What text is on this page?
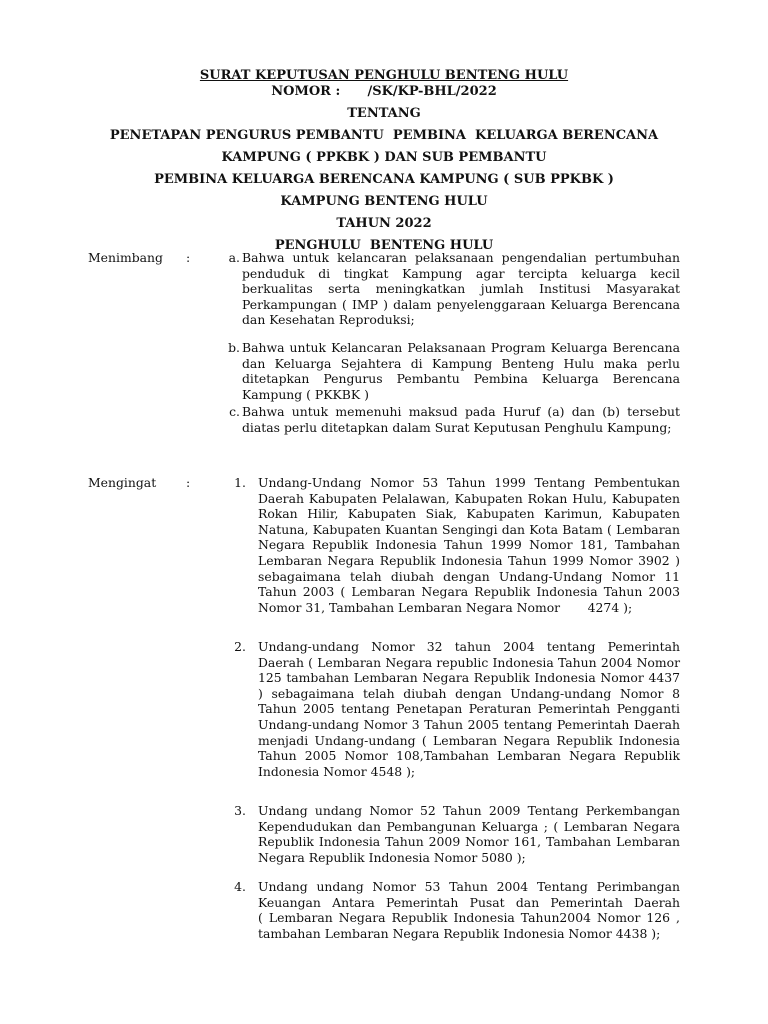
SURAT KEPUTUSAN PENGHULU BENTENG HULU
NOMOR :      /SK/KP-BHL/2022
TENTANG
PENETAPAN PENGURUS PEMBANTU  PEMBINA  KELUARGA BERENCANA
KAMPUNG ( PPKBK ) DAN SUB PEMBANTU
PEMBINA KELUARGA BERENCANA KAMPUNG ( SUB PPKBK )
KAMPUNG BENTENG HULU
TAHUN 2022
PENGHULU  BENTENG HULU
Menimbang :	a. Bahwa untuk kelancaran pelaksanaan pengendalian pertumbuhan penduduk di tingkat Kampung agar tercipta keluarga kecil berkualitas serta meningkatkan jumlah Institusi Masyarakat Perkampungan ( IMP ) dalam penyelenggaraan Keluarga Berencana dan Kesehatan Reproduksi;
b. Bahwa untuk Kelancaran Pelaksanaan Program Keluarga Berencana dan Keluarga Sejahtera di Kampung Benteng Hulu maka perlu ditetapkan Pengurus Pembantu Pembina Keluarga Berencana Kampung ( PKKBK )
c. Bahwa untuk memenuhi maksud pada Huruf (a) dan (b) tersebut diatas perlu ditetapkan dalam Surat Keputusan Penghulu Kampung;
Mengingat :	1. Undang-Undang Nomor 53 Tahun 1999 Tentang Pembentukan Daerah Kabupaten Pelalawan, Kabupaten Rokan Hulu, Kabupaten Rokan Hilir, Kabupaten Siak, Kabupaten Karimun, Kabupaten Natuna, Kabupaten Kuantan Sengingi dan Kota Batam ( Lembaran Negara Republik Indonesia Tahun 1999 Nomor 181, Tambahan Lembaran Negara Republik Indonesia Tahun 1999 Nomor 3902 ) sebagaimana telah diubah dengan Undang-Undang Nomor 11 Tahun 2003 ( Lembaran Negara Republik Indonesia Tahun 2003 Nomor 31, Tambahan Lembaran Negara Nomor       4274 );
2. Undang-undang Nomor 32 tahun 2004 tentang Pemerintah Daerah ( Lembaran Negara republic Indonesia Tahun 2004 Nomor 125 tambahan Lembaran Negara Republik Indonesia Nomor 4437 ) sebagaimana telah diubah dengan Undang-undang Nomor 8 Tahun 2005 tentang Penetapan Peraturan Pemerintah Pengganti Undang-undang Nomor 3 Tahun 2005 tentang Pemerintah Daerah menjadi Undang-undang ( Lembaran Negara Republik Indonesia Tahun 2005 Nomor 108,Tambahan Lembaran Negara Republik Indonesia Nomor 4548 );
3. Undang undang Nomor 52 Tahun 2009 Tentang Perkembangan Kependudukan dan Pembangunan Keluarga ; ( Lembaran Negara Republik Indonesia Tahun 2009 Nomor 161, Tambahan Lembaran Negara Republik Indonesia Nomor 5080 );
4. Undang undang Nomor 53 Tahun 2004 Tentang Perimbangan Keuangan Antara Pemerintah Pusat dan Pemerintah Daerah            ( Lembaran Negara Republik Indonesia Tahun2004 Nomor 126 , tambahan Lembaran Negara Republik Indonesia Nomor 4438 );
